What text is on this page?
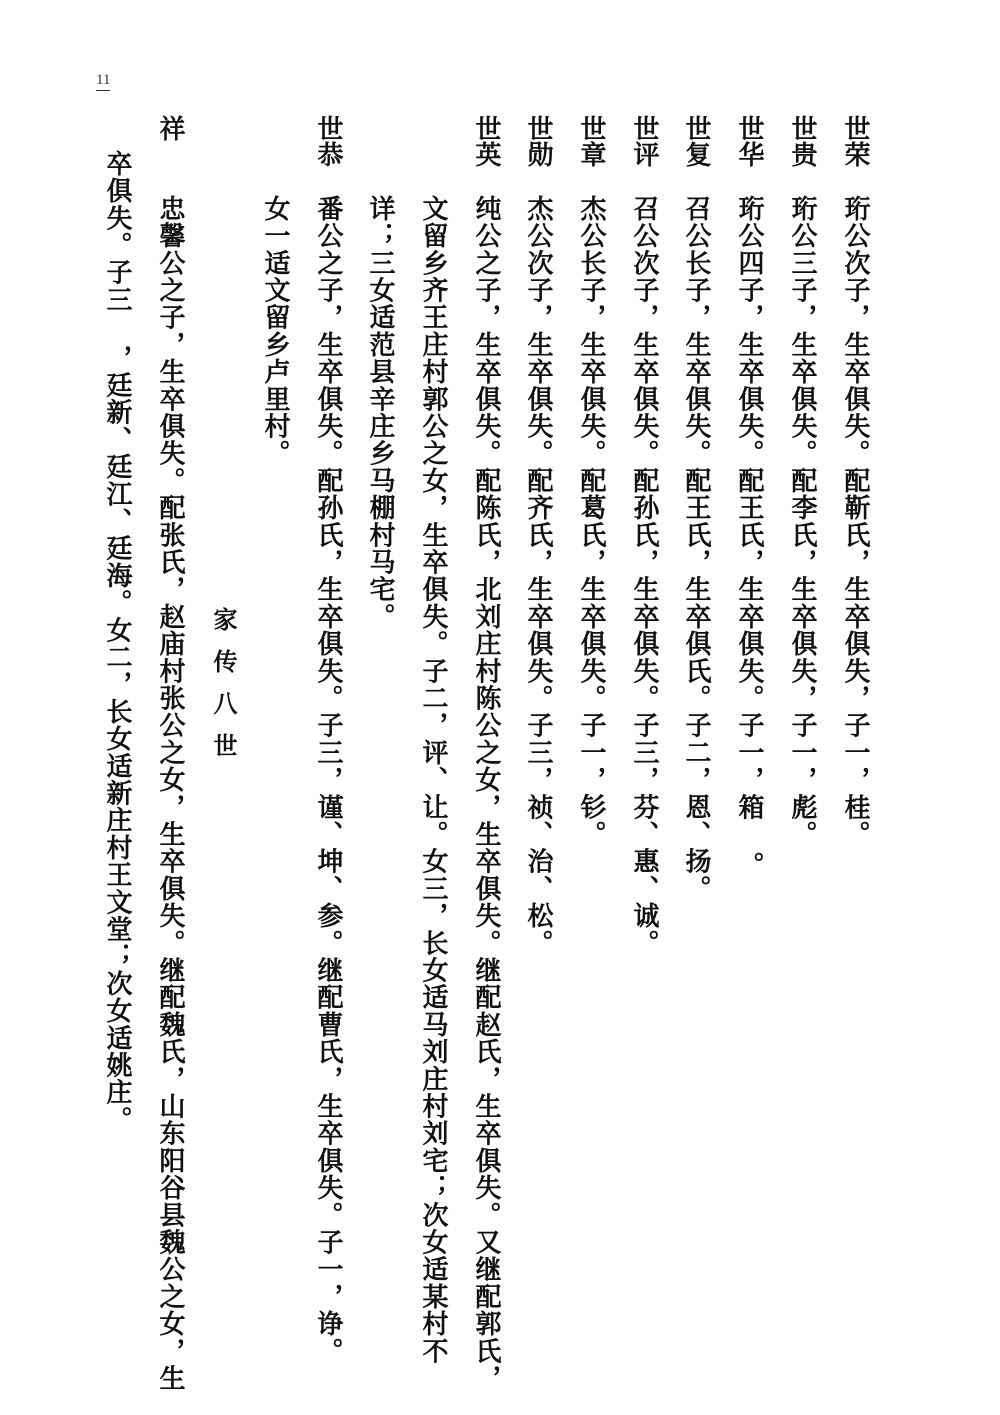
11
世荣
珩公次子，生卒俱失。配靳氏，生卒俱失，子一，桂。
世贵
珩公三子，生卒俱失。配李氏，生卒俱失，子一，彪。
世华
珩公四子，生卒俱失。配王氏，生卒俱失。子一，箱 。
世复
召公长子，生卒俱失。配王氏，生卒俱氏。子二，恩、扬。
世评
召公次子，生卒俱失。配孙氏，生卒俱失。子三，芬、惠、诚。
世章
杰公长子，生卒俱失。配葛氏，生卒俱失。子一，钐。
世勋
杰公次子，生卒俱失。配齐氏，生卒俱失。子三，祯、治、松。
世英
纯公之子，生卒俱失。配陈氏，北刘庄村陈公之女，生卒俱失。继配赵氏，生卒俱失。又继配郭氏，
文留乡齐王庄村郭公之女，生卒俱失。子二，评、让。女三，长女适马刘庄村刘宅；次女适某村不
详；三女适范县辛庄乡马棚村马宅。
世恭
番公之子，生卒俱失。配孙氏，生卒俱失。子三，谨、坤、参。继配曹氏，生卒俱失。子一，诤。
女一适文留乡卢里村。
家传八世
祥
忠馨公之子，生卒俱失。配张氏，赵庙村张公之女，生卒俱失。继配魏氏，山东阳谷县魏公之女，生
卒俱失。子三 ，廷新、廷江、廷海。女二，长女适新庄村王文堂；次女适姚庄。
